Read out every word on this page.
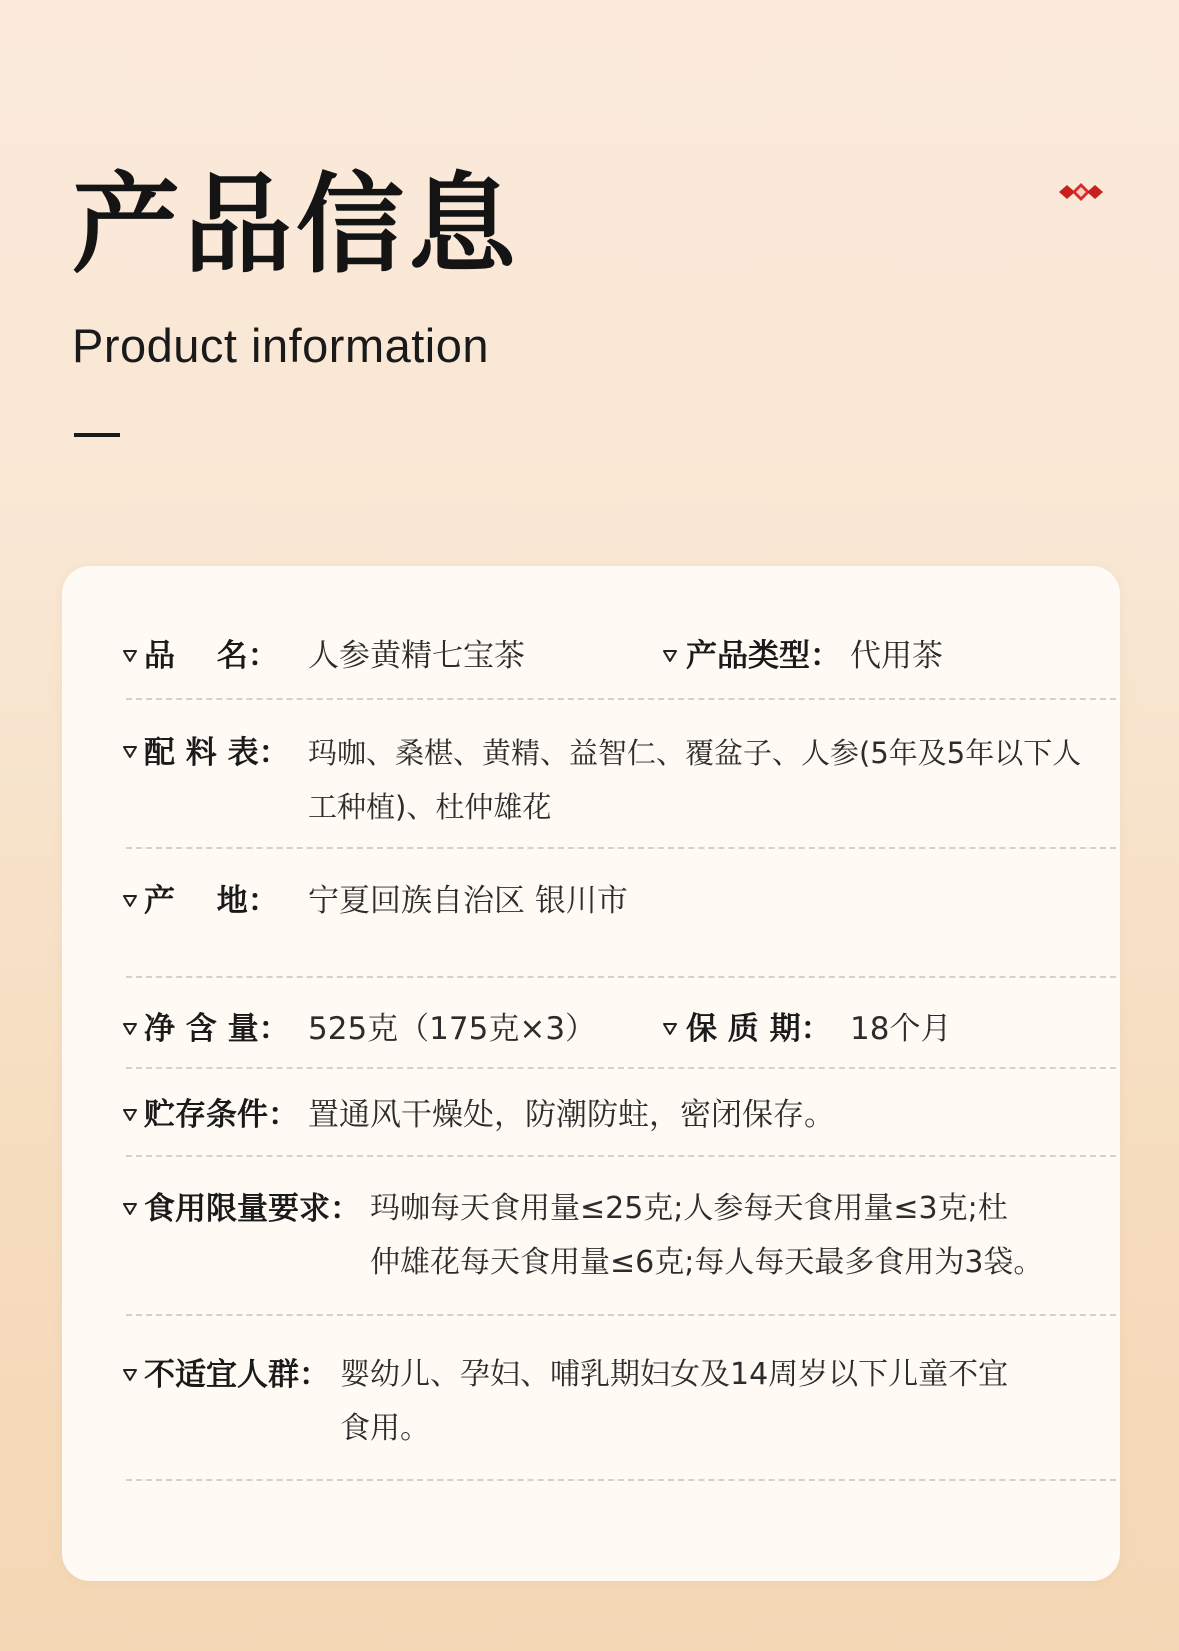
产品信息
Product information
品　 名： 人参黄精七宝茶	产品类型： 代用茶
配 料 表： 玛咖、桑椹、黄精、益智仁、覆盆子、人参(5年及5年以下人
工种植)、杜仲雄花
产　 地： 宁夏回族自治区 银川市
净 含 量： 525克（175克×3）	保 质 期： 18个月
贮存条件： 置通风干燥处，防潮防蛀，密闭保存。
食用限量要求： 玛咖每天食用量≤25克;人参每天食用量≤3克;杜
仲雄花每天食用量≤6克;每人每天最多食用为3袋。
不适宜人群： 婴幼儿、孕妇、哺乳期妇女及14周岁以下儿童不宜
食用。
